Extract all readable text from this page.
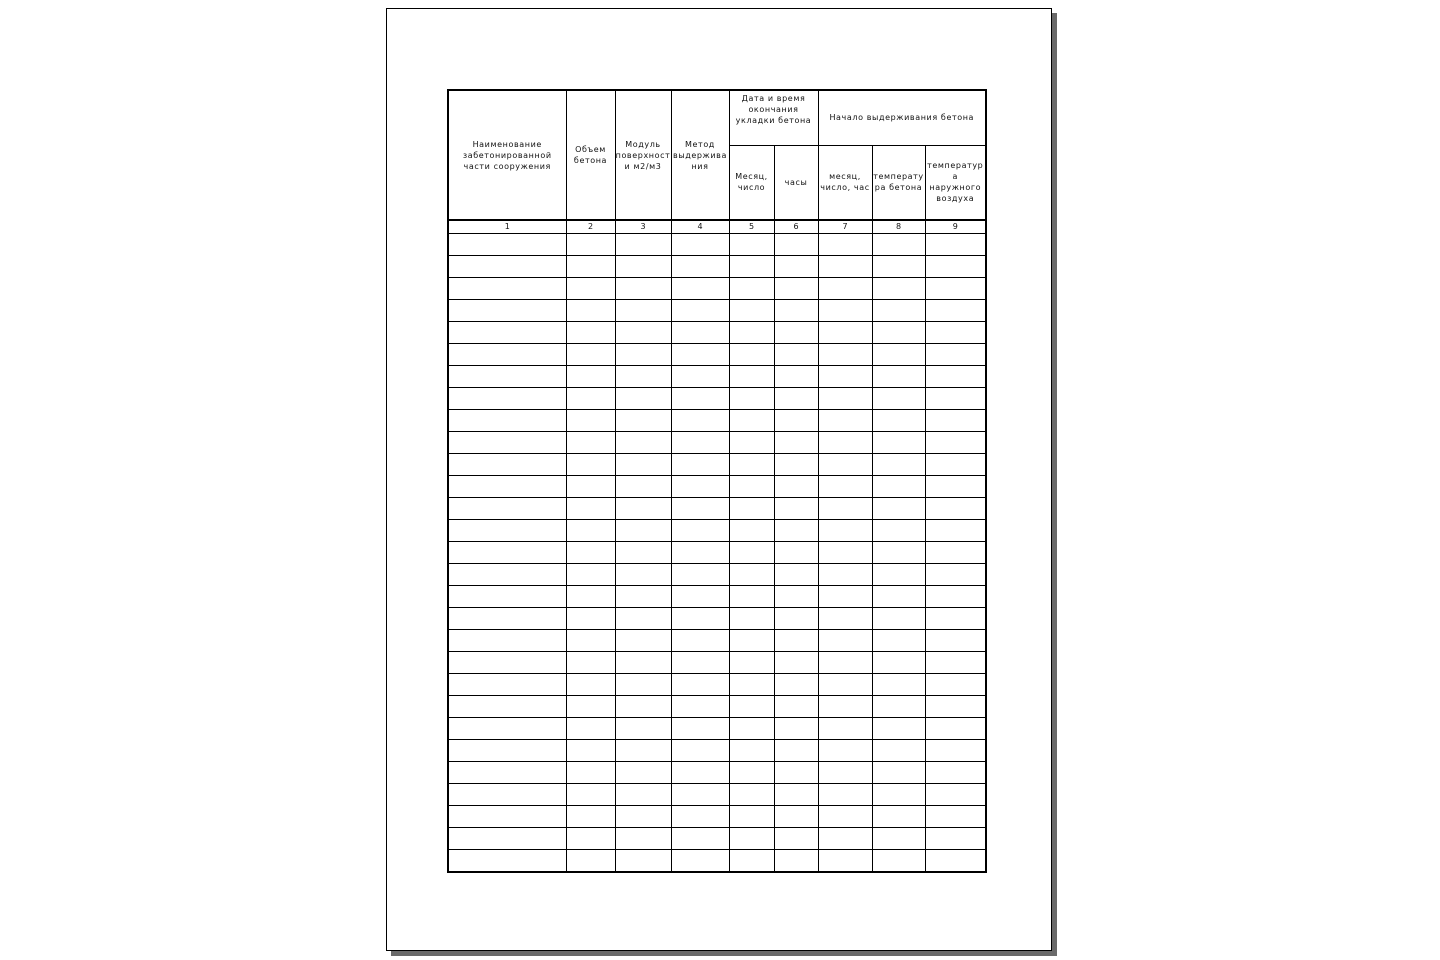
Наименование забетонированной части сооружения	Объем бетона	Модуль поверхности м2/м3	Метод выдерживания	Дата и время окончания укладки бетона		Начало выдерживания бетона		
				Месяц, число	часы	месяц, число, час	температура бетона	температура наружного воздуха
1	2	3	4	5	6	7	8	9
